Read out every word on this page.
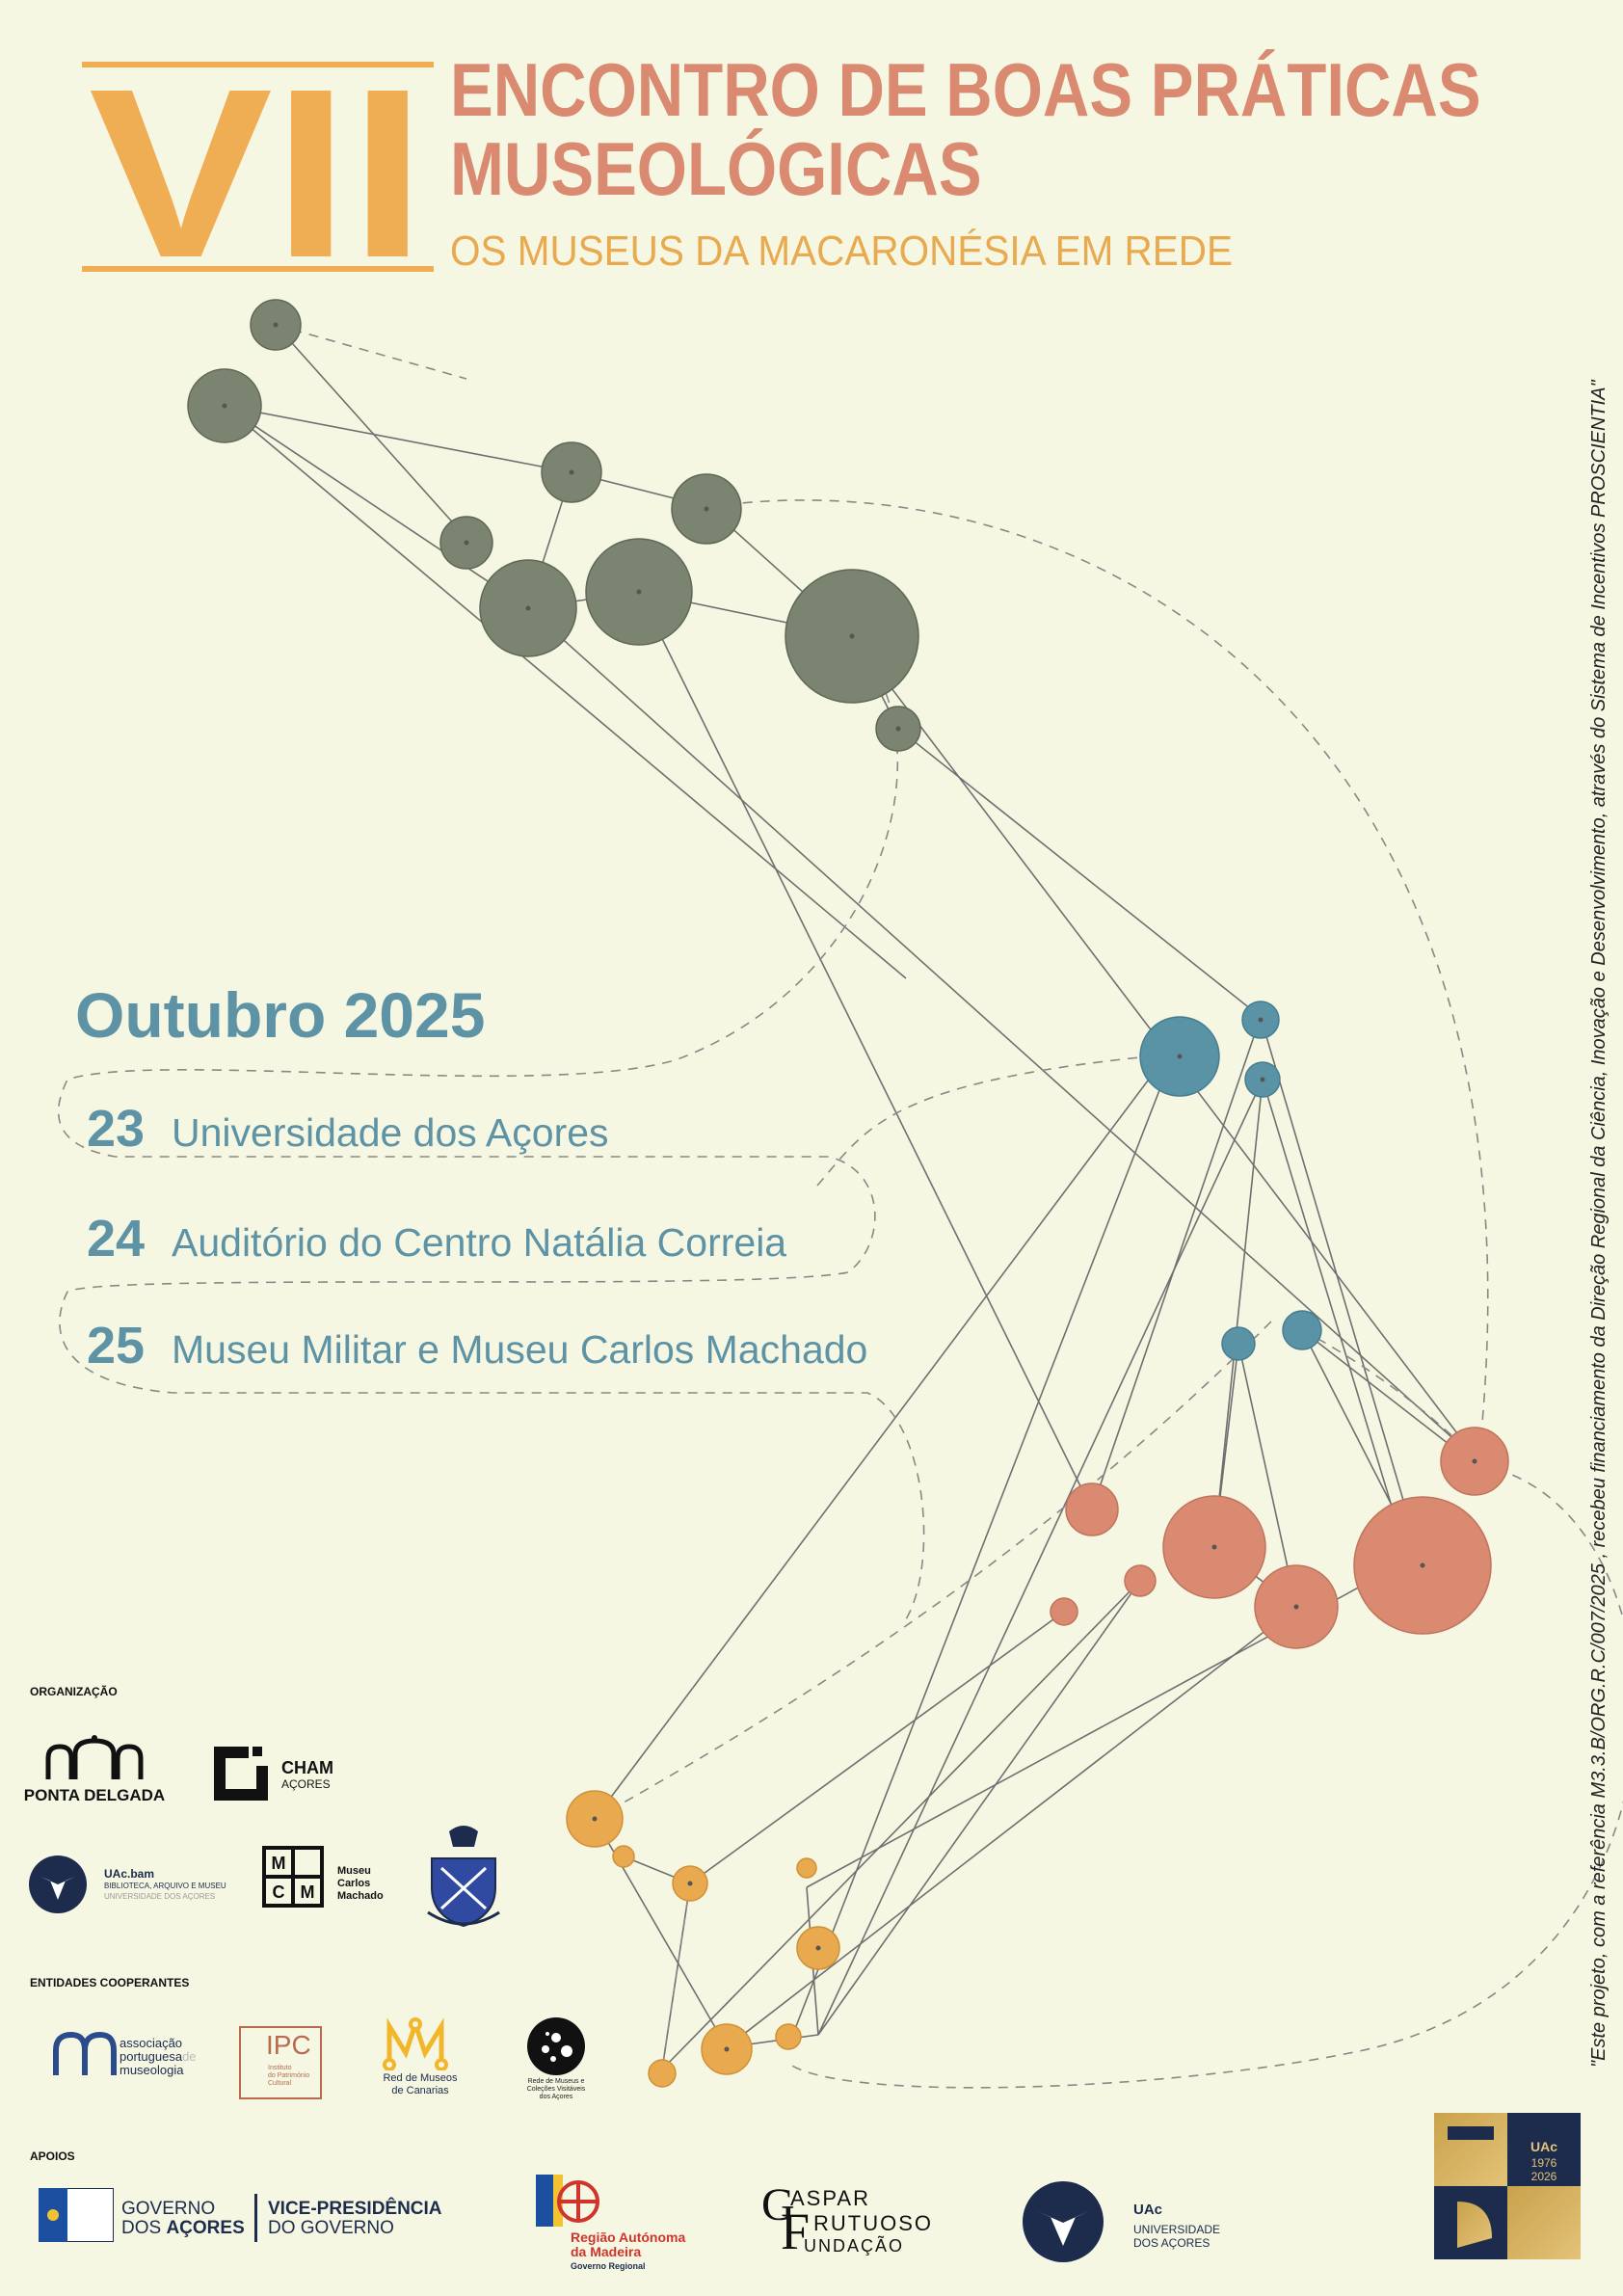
VII ENCONTRO DE BOAS PRÁTICAS
MUSEOLÓGICAS
OS MUSEUS DA MACARONÉSIA EM REDE
Outubro 2025
23 Universidade dos Açores
24 Auditório do Centro Natália Correia
25 Museu Militar e Museu Carlos Machado	"Este projeto, com a referência M3.3.B/ORG.R.C/007/2025 , recebeu financiamento da Direção Regional da Ciência, Inovação e Desenvolvimento, através do Sistema de Incentivos PROSCIENTIA"
ORGANIZAÇÃO
PONTA DELGADA
CHAM
AÇORES
UAc.bam
BIBLIOTECA, ARQUIVO E MUSEU
UNIVERSIDADE DOS AÇORES
M
C M
Museu
Carlos
Machado
ENTIDADES COOPERANTES
associação
portuguesade
museologia
IPC
Instituto
do Património
Cultural	Red de Museos
de Canarias
Rede de Museus e
Coleções Visitáveis
dos Açores
APOIOS
GOVERNO
DOS AÇORES
VICE-PRESIDÊNCIA
DO GOVERNO	Região Autónoma
da Madeira
Governo Regional
G
ASPAR
F RUTUOSO
UNDAÇÃO
UAc
UNIVERSIDADE
DOS AÇORES
UAc
1976
2026
